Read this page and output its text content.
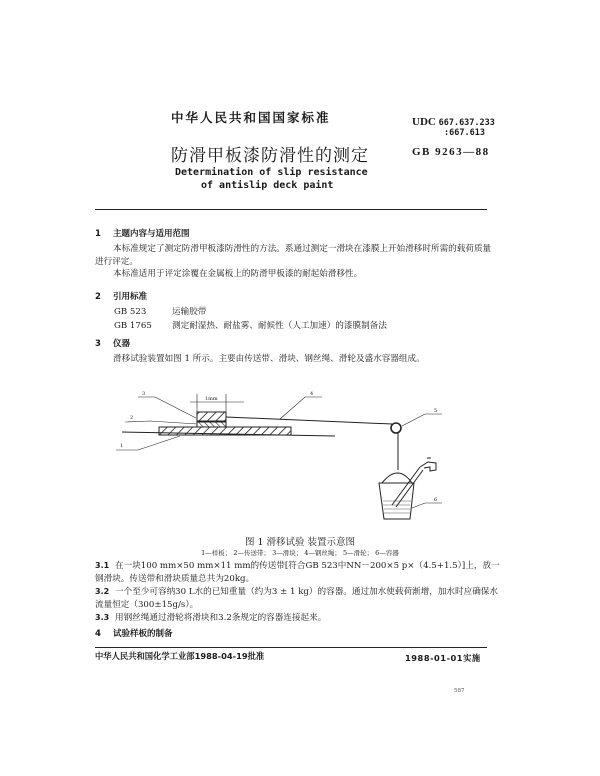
中华人民共和国国家标准	UDC 667.637.233
:667.613
防滑甲板漆防滑性的测定	GB 9263—88
Determination of slip resistance
of antislip deck paint
1 主题内容与适用范围
本标准规定了测定防滑甲板漆防滑性的方法。系通过测定一滑块在漆膜上开始滑移时所需的载荷质量进行评定。
本标准适用于评定涂覆在金属板上的防滑甲板漆的耐起始滑移性。
2 引用标准
GB 523	运输胶带
GB 1765 测定耐湿热、耐盐雾、耐候性（人工加速）的漆膜制备法
3 仪器
滑移试验装置如图 1 所示。主要由传送带、滑块、钢丝绳、滑轮及盛水容器组成。
1mm
3
2
1
4
5
6
图 1 滑移试验 装置示意图
1—样板； 2—传送带； 3—滑块； 4—钢丝绳； 5—滑轮； 6—容器
3.1 在一块100 mm×50 mm×11 mm的传送带[符合GB 523中NN－200×5 p×（4.5+1.5）]上，放一钢滑块。传送带和滑块质量总共为20kg。
3.2 一个至少可容纳30 L水的已知重量（约为3 ± 1 kg）的容器。通过加水使载荷渐增，加水时应确保水流量恒定（300±15g/s）。
3.3 用钢丝绳通过滑轮将滑块和3.2条规定的容器连接起来。
4 试验样板的制备
中华人民共和国化学工业部1988-04-19批准	1988-01-01实施
587
